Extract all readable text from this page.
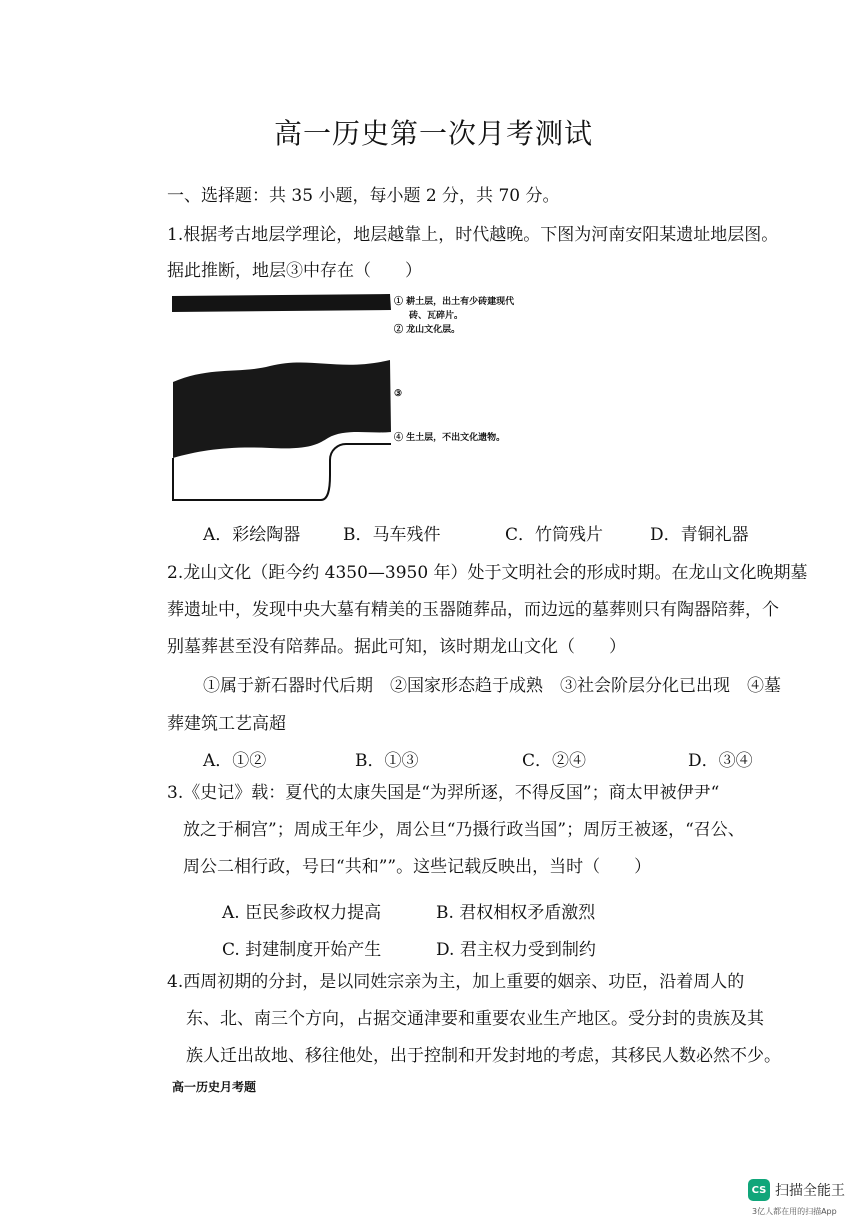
高一历史第一次月考测试
一、选择题：共 35 小题，每小题 2 分，共 70 分。
1.根据考古地层学理论，地层越靠上，时代越晚。下图为河南安阳某遗址地层图。
据此推断，地层③中存在（　　）
① 耕土层，出土有少砖建现代
砖、瓦碎片。
② 龙山文化层。
③
④ 生土层，不出文化遗物。
A．彩绘陶器	B．马车残件	C．竹筒残片	D．青铜礼器
2.龙山文化（距今约 4350—3950 年）处于文明社会的形成时期。在龙山文化晚期墓
葬遗址中，发现中央大墓有精美的玉器随葬品，而边远的墓葬则只有陶器陪葬，个
别墓葬甚至没有陪葬品。据此可知，该时期龙山文化（　　）
①属于新石器时代后期　②国家形态趋于成熟　③社会阶层分化已出现　④墓
葬建筑工艺高超
A．①②	B．①③	C．②④	D．③④
3.《史记》载：夏代的太康失国是“为羿所逐，不得反国”；商太甲被伊尹“
放之于桐宫”；周成王年少，周公旦“乃摄行政当国”；周厉王被逐，“召公、
周公二相行政，号曰“共和””。这些记载反映出，当时（　　）
A. 臣民参政权力提高	B. 君权相权矛盾激烈
C. 封建制度开始产生	D. 君主权力受到制约
4.西周初期的分封，是以同姓宗亲为主，加上重要的姻亲、功臣，沿着周人的
东、北、南三个方向，占据交通津要和重要农业生产地区。受分封的贵族及其
族人迁出故地、移往他处，出于控制和开发封地的考虑，其移民人数必然不少。
高一历史月考题
CS 扫描全能王
3亿人都在用的扫描App
